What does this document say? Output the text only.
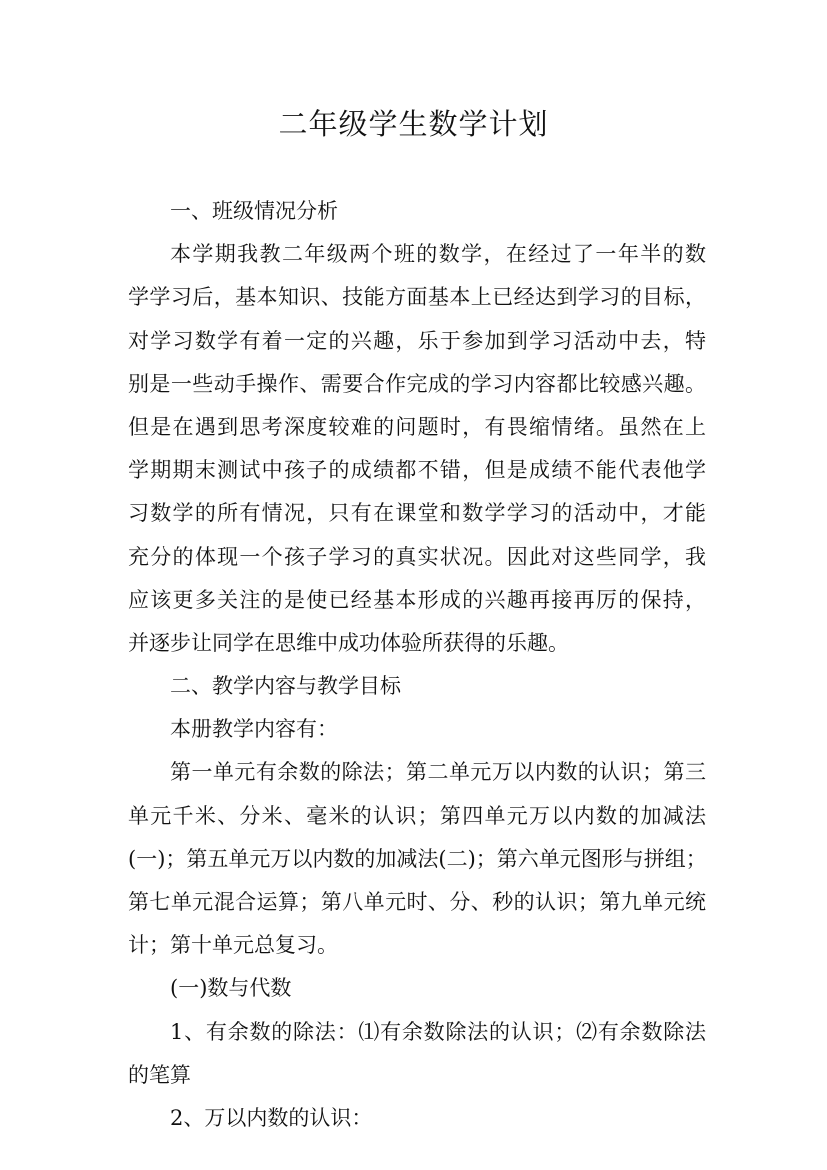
二年级学生数学计划
一、班级情况分析
本学期我教二年级两个班的数学，在经过了一年半的数
学学习后，基本知识、技能方面基本上已经达到学习的目标，
对学习数学有着一定的兴趣，乐于参加到学习活动中去，特
别是一些动手操作、需要合作完成的学习内容都比较感兴趣。
但是在遇到思考深度较难的问题时，有畏缩情绪。虽然在上
学期期末测试中孩子的成绩都不错，但是成绩不能代表他学
习数学的所有情况，只有在课堂和数学学习的活动中，才能
充分的体现一个孩子学习的真实状况。因此对这些同学，我
应该更多关注的是使已经基本形成的兴趣再接再厉的保持，
并逐步让同学在思维中成功体验所获得的乐趣。
二、教学内容与教学目标
本册教学内容有：
第一单元有余数的除法；第二单元万以内数的认识；第三
单元千米、分米、毫米的认识；第四单元万以内数的加减法
(一)；第五单元万以内数的加减法(二)；第六单元图形与拼组；
第七单元混合运算；第八单元时、分、秒的认识；第九单元统
计；第十单元总复习。
(一)数与代数
1、有余数的除法：⑴有余数除法的认识；⑵有余数除法
的笔算
2、万以内数的认识：
